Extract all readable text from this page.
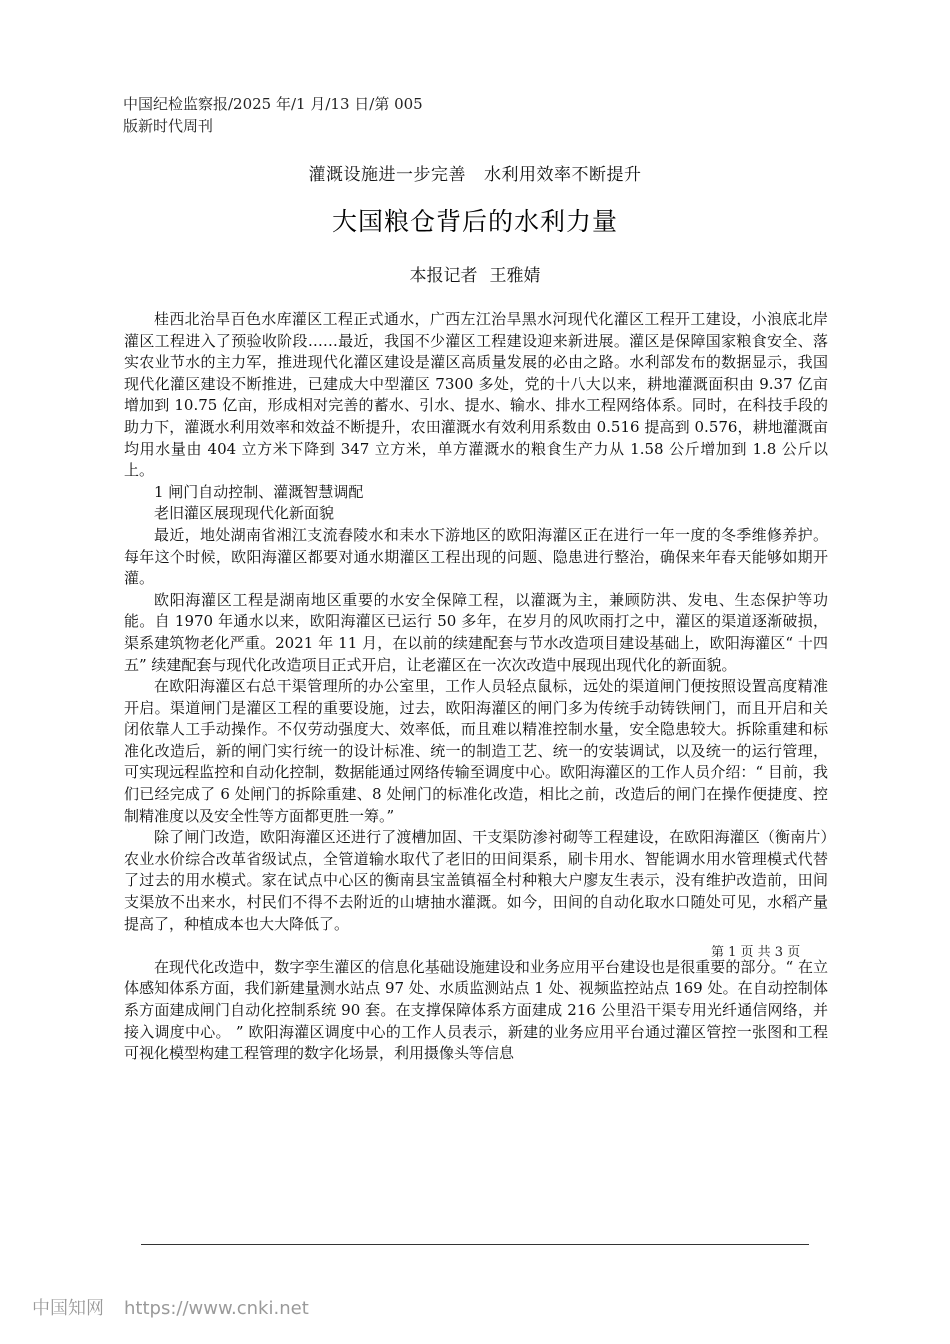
中国纪检监察报/2025 年/1 月/13 日/第 005
版新时代周刊
灌溉设施进一步完善 水利用效率不断提升
大国粮仓背后的水利力量
本报记者 王雅婧

桂西北治旱百色水库灌区工程正式通水，广西左江治旱黑水河现代化灌区工程开工建设，小浪底北岸灌区工程进入了预验收阶段……最近，我国不少灌区工程建设迎来新进展。灌区是保障国家粮食安全、落实农业节水的主力军，推进现代化灌区建设是灌区高质量发展的必由之路。水利部发布的数据显示，我国现代化灌区建设不断推进，已建成大中型灌区 7300 多处，党的十八大以来，耕地灌溉面积由 9.37 亿亩增加到 10.75 亿亩，形成相对完善的蓄水、引水、提水、输水、排水工程网络体系。同时，在科技手段的助力下，灌溉水利用效率和效益不断提升，农田灌溉水有效利用系数由 0.516 提高到 0.576，耕地灌溉亩均用水量由 404 立方米下降到 347 立方米，单方灌溉水的粮食生产力从 1.58 公斤增加到 1.8 公斤以上。

1 闸门自动控制、灌溉智慧调配

老旧灌区展现现代化新面貌

最近，地处湖南省湘江支流舂陵水和耒水下游地区的欧阳海灌区正在进行一年一度的冬季维修养护。每年这个时候，欧阳海灌区都要对通水期灌区工程出现的问题、隐患进行整治，确保来年春天能够如期开灌。

欧阳海灌区工程是湖南地区重要的水安全保障工程，以灌溉为主，兼顾防洪、发电、生态保护等功能。自 1970 年通水以来，欧阳海灌区已运行 50 多年，在岁月的风吹雨打之中，灌区的渠道逐渐破损，渠系建筑物老化严重。2021 年 11 月，在以前的续建配套与节水改造项目建设基础上，欧阳海灌区“ 十四五” 续建配套与现代化改造项目正式开启，让老灌区在一次次改造中展现出现代化的新面貌。

在欧阳海灌区右总干渠管理所的办公室里，工作人员轻点鼠标，远处的渠道闸门便按照设置高度精准开启。渠道闸门是灌区工程的重要设施，过去，欧阳海灌区的闸门多为传统手动铸铁闸门，而且开启和关闭依靠人工手动操作。不仅劳动强度大、效率低，而且难以精准控制水量，安全隐患较大。拆除重建和标准化改造后，新的闸门实行统一的设计标准、统一的制造工艺、统一的安装调试，以及统一的运行管理，可实现远程监控和自动化控制，数据能通过网络传输至调度中心。欧阳海灌区的工作人员介绍：“ 目前，我们已经完成了 6 处闸门的拆除重建、8 处闸门的标准化改造，相比之前，改造后的闸门在操作便捷度、控制精准度以及安全性等方面都更胜一筹。”

除了闸门改造，欧阳海灌区还进行了渡槽加固、干支渠防渗衬砌等工程建设，在欧阳海灌区（衡南片）农业水价综合改革省级试点，全管道输水取代了老旧的田间渠系，刷卡用水、智能调水用水管理模式代替了过去的用水模式。家在试点中心区的衡南县宝盖镇福全村种粮大户廖友生表示，没有维护改造前，田间支渠放不出来水，村民们不得不去附近的山塘抽水灌溉。如今，田间的自动化取水口随处可见，水稻产量提高了，种植成本也大大降低了。

在现代化改造中，数字孪生灌区的信息化基础设施建设和业务应用平台建设也是很重要的部分。“ 在立体感知体系方面，我们新建量测水站点 97 处、水质监测站点 1 处、视频监控站点 169 处。在自动控制体系方面建成闸门自动化控制系统 90 套。在支撑保障体系方面建成 216 公里沿干渠专用光纤通信网络，并接入调度中心。 ” 欧阳海灌区调度中心的工作人员表示，新建的业务应用平台通过灌区管控一张图和工程可视化模型构建工程管理的数字化场景，利用摄像头等信息

第 1 页 共 3 页
中国知网 https://www.cnki.net
